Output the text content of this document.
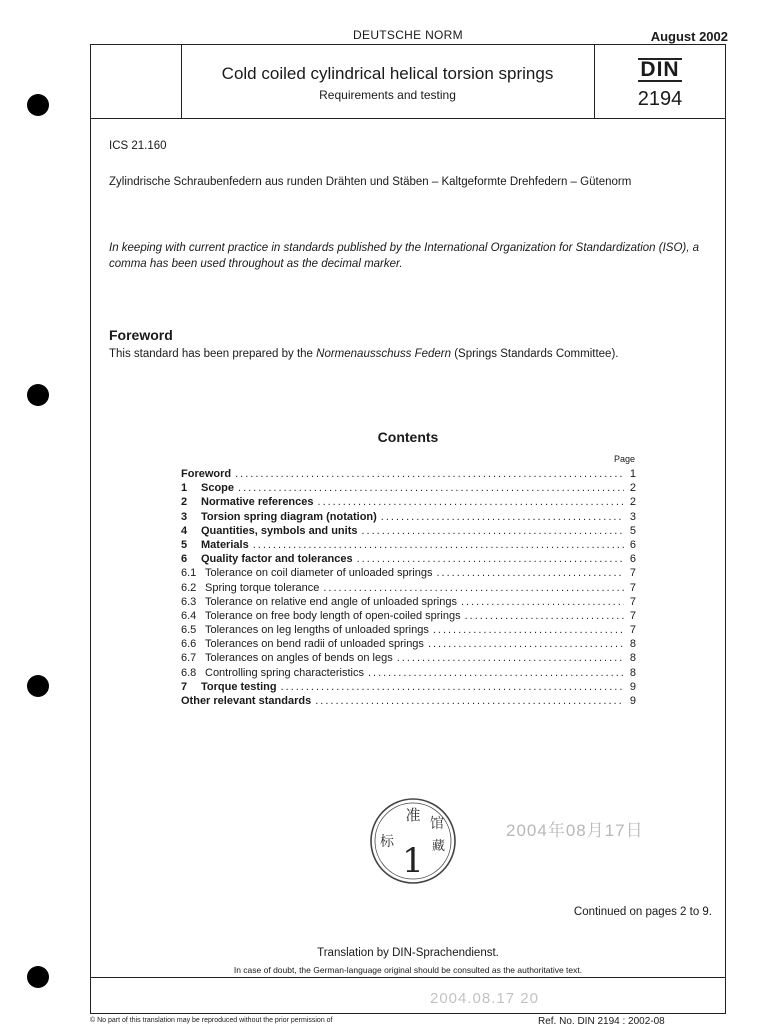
DEUTSCHE NORM	August 2002
Cold coiled cylindrical helical torsion springs
Requirements and testing
DIN
2194
ICS 21.160
Zylindrische Schraubenfedern aus runden Drähten und Stäben – Kaltgeformte Drehfedern – Gütenorm
In keeping with current practice in standards published by the International Organization for Standardization (ISO), a comma has been used throughout as the decimal marker.
Foreword
This standard has been prepared by the Normenausschuss Federn (Springs Standards Committee).
Contents
Page
Foreword .....	1
1	Scope .....	2
2	Normative references .....	2
3	Torsion spring diagram (notation) .....	3
4	Quantities, symbols and units .....	5
5	Materials .....	6
6	Quality factor and tolerances .....	6
6.1 Tolerance on coil diameter of unloaded springs .....	7
6.2 Spring torque tolerance .....	7
6.3 Tolerance on relative end angle of unloaded springs .....	7
6.4 Tolerance on free body length of open-coiled springs .....	7
6.5 Tolerances on leg lengths of unloaded springs .....	7
6.6 Tolerances on bend radii of unloaded springs .....	8
6.7 Tolerances on angles of bends on legs .....	8
6.8 Controlling spring characteristics .....	8
7	Torque testing .....	9
Other relevant standards .....	9
准
标
馆
藏
1
2004年08月17日
Continued on pages 2 to 9.
Translation by DIN-Sprachendienst.
In case of doubt, the German-language original should be consulted as the authoritative text.
2004.08.17 20
© No part of this translation may be reproduced without the prior permission of	Ref. No. DIN 2194 : 2002-08
